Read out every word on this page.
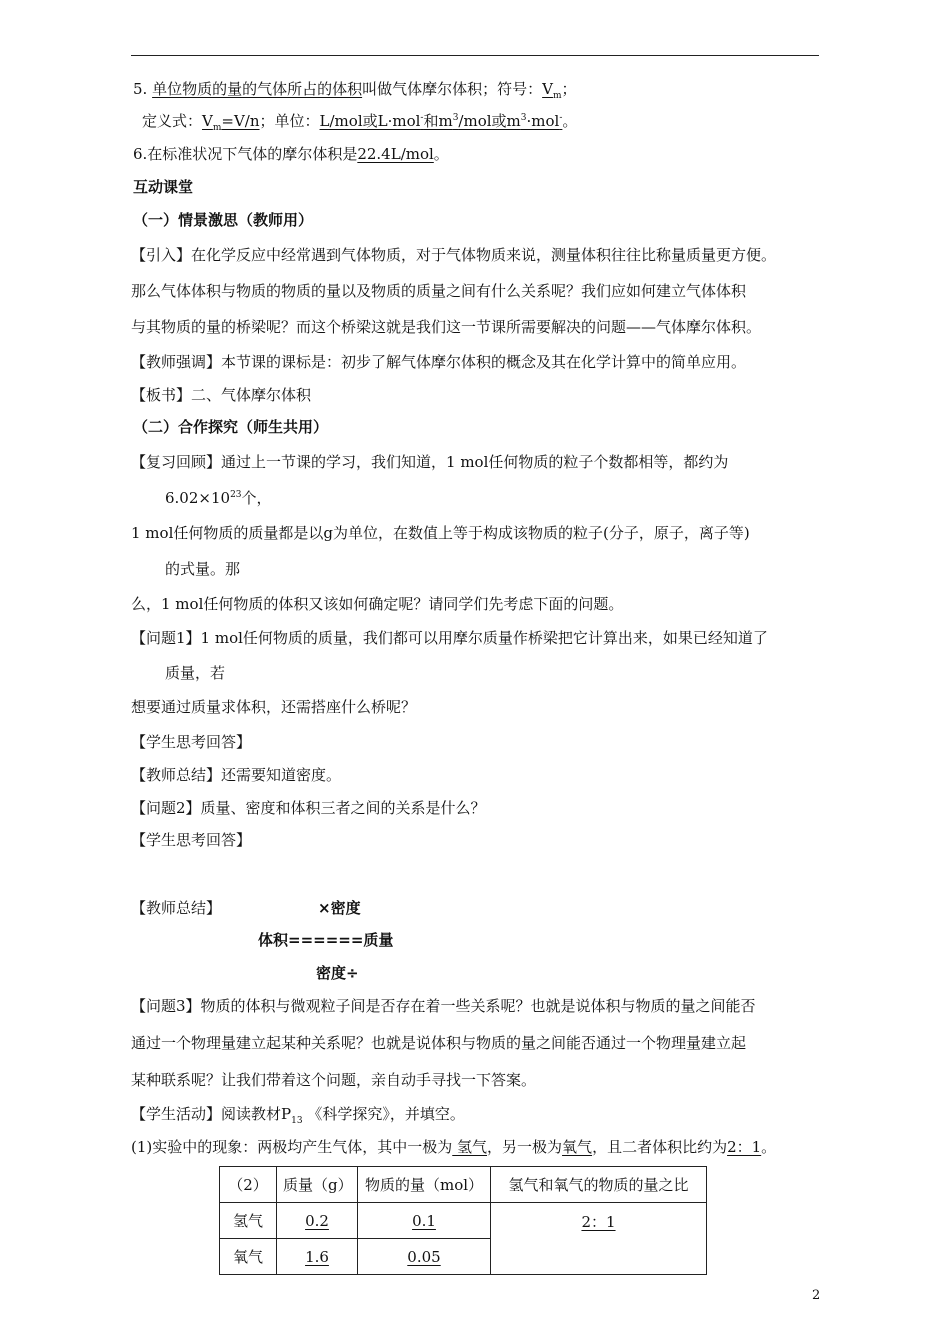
5. 单位物质的量的气体所占的体积叫做气体摩尔体积；符号：$V_m$；
定义式：$V_m=V/n$；单位：L/mol或L·mol-和$m^3$/mol或$m^3\cdot mol^-$。
6.在标准状况下气体的摩尔体积是22.4L/mol。
互动课堂
（一）情景激思（教师用）
【引入】在化学反应中经常遇到气体物质，对于气体物质来说，测量体积往往比称量质量更方便。
那么气体体积与物质的物质的量以及物质的质量之间有什么关系呢？我们应如何建立气体体积
与其物质的量的桥梁呢？而这个桥梁这就是我们这一节课所需要解决的问题——气体摩尔体积。
【教师强调】本节课的课标是：初步了解气体摩尔体积的概念及其在化学计算中的简单应用。
【板书】二、气体摩尔体积
（二）合作探究（师生共用）
【复习回顾】通过上一节课的学习，我们知道，1 mol任何物质的粒子个数都相等，都约为
$6.02\times 10^{23}$个，
1 mol任何物质的质量都是以g为单位，在数值上等于构成该物质的粒子(分子，原子，离子等)
的式量。那
么，1 mol任何物质的体积又该如何确定呢？请同学们先考虑下面的问题。
【问题1】1 mol任何物质的质量，我们都可以用摩尔质量作桥梁把它计算出来，如果已经知道了
质量，若
想要通过质量求体积，还需搭座什么桥呢？
【学生思考回答】
【教师总结】还需要知道密度。
【问题2】质量、密度和体积三者之间的关系是什么？
【学生思考回答】
【教师总结】	×密度
体积======质量
密度÷
【问题3】物质的体积与微观粒子间是否存在着一些关系呢？也就是说体积与物质的量之间能否
通过一个物理量建立起某种关系呢？也就是说体积与物质的量之间能否通过一个物理量建立起
某种联系呢？让我们带着这个问题，亲自动手寻找一下答案。
【学生活动】阅读教材$P_{13}$ 《科学探究》，并填空。
(1)实验中的现象：两极均产生气体，其中一极为 氢气，另一极为氧气，且二者体积比约为2：1。
（2）	质量（g）	物质的量（mol）	氢气和氧气的物质的量之比
氢气	0.2	0.1	2：1
氧气	1.6	0.05	
2
